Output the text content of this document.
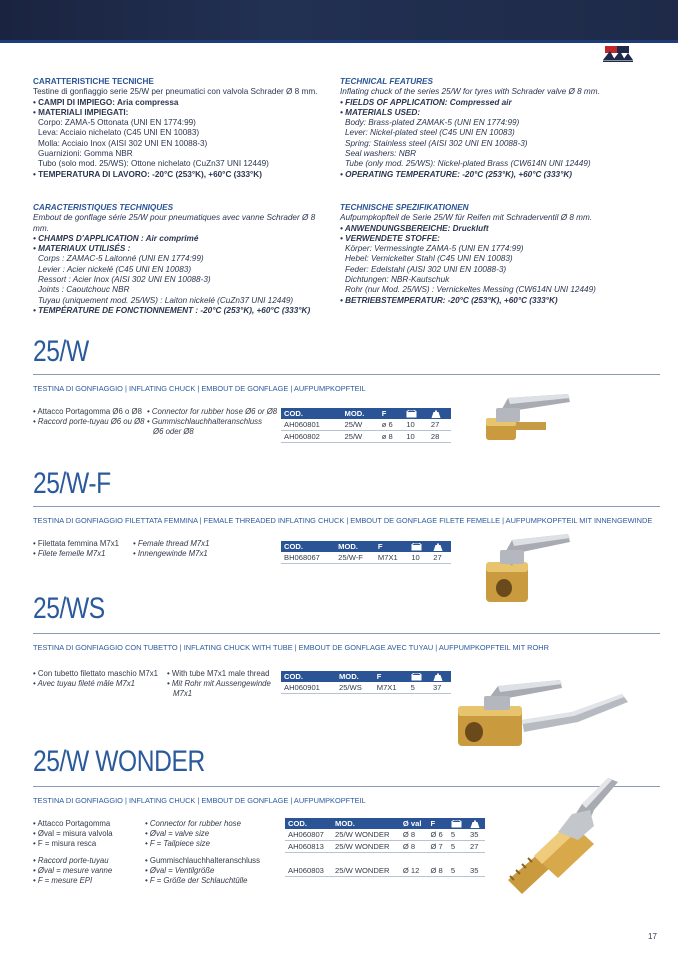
CARATTERISTICHE TECNICHE

Testine di gonfiaggio serie 25/W per pneumatici con valvola Schrader Ø 8 mm.

• CAMPI DI IMPIEGO: Aria compressa

• MATERIALI IMPIEGATI:

Corpo: ZAMA-5 Ottonata (UNI EN 1774:99)

Leva: Acciaio nichelato (C45 UNI EN 10083)

Molla: Acciaio Inox (AISI 302 UNI EN 10088-3)

Guarnizioni: Gomma NBR

Tubo (solo mod. 25/WS): Ottone nichelato (CuZn37 UNI 12449)

• TEMPERATURA DI LAVORO: -20°C (253°K), +60°C (333°K)

TECHNICAL FEATURES

Inflating chuck of the series 25/W for tyres with Schrader valve Ø 8 mm.

• FIELDS OF APPLICATION: Compressed air

• MATERIALS USED:

Body: Brass-plated ZAMAK-5 (UNI EN 1774:99)

Lever: Nickel-plated steel (C45 UNI EN 10083)

Spring: Stainless steel (AISI 302 UNI EN 10088-3)

Seal washers: NBR

Tube (only mod. 25/WS): Nickel-plated Brass (CW614N UNI 12449)

• OPERATING TEMPERATURE: -20°C (253°K), +60°C (333°K)

CARACTERISTIQUES TECHNIQUES

Embout de gonflage série 25/W pour pneumatiques avec vanne Schrader Ø 8 mm.

• CHAMPS D'APPLICATION : Air comprimé

• MATERIAUX UTILISÉS :

Corps : ZAMAC-5 Laitonné (UNI EN 1774:99)

Levier : Acier nickelé (C45 UNI EN 10083)

Ressort : Acier Inox (AISI 302 UNI EN 10088-3)

Joints : Caoutchouc NBR

Tuyau (uniquement mod. 25/WS) : Laiton nickelé (CuZn37 UNI 12449)

• TEMPÉRATURE DE FONCTIONNEMENT : -20°C (253°K), +60°C (333°K)

TECHNISCHE SPEZIFIKATIONEN

Aufpumpkopfteil de Serie 25/W für Reifen mit Schraderventil Ø 8 mm.

• ANWENDUNGSBEREICHE: Druckluft

• VERWENDETE STOFFE:

Körper: Vermessingte ZAMA-5 (UNI EN 1774:99)

Hebel: Vernickelter Stahl (C45 UNI EN 10083)

Feder: Edelstahl (AISI 302 UNI EN 10088-3)

Dichtungen: NBR-Kautschuk

Rohr (nur Mod. 25/WS) : Vernickeltes Messing (CW614N UNI 12449)

• BETRIEBSTEMPERATUR: -20°C (253°K), +60°C (333°K)

25/W
TESTINA DI GONFIAGGIO | INFLATING CHUCK | EMBOUT DE GONFLAGE | AUFPUMPKOPFTEIL
• Attacco Portagomma Ø6 o Ø8
• Raccord porte-tuyau Ø6 ou Ø8
• Connector for rubber hose Ø6 or Ø8
• Gummischlauchhalteranschluss
Ø6 oder Ø8
COD.	MOD.	F		
AH060801	25/W	ø 6	10	27
AH060802	25/W	ø 8	10	28
25/W-F
TESTINA DI GONFIAGGIO FILETTATA FEMMINA | FEMALE THREADED INFLATING CHUCK | EMBOUT DE GONFLAGE FILETE FEMELLE | AUFPUMPKOPFTEIL MIT INNENGEWINDE
• Filettata femmina M7x1
• Filete femelle M7x1
• Female thread M7x1
• Innengewinde M7x1
COD.	MOD.	F		
BH068067	25/W-F	M7X1	10	27
25/WS
TESTINA DI GONFIAGGIO CON TUBETTO | INFLATING CHUCK WITH TUBE | EMBOUT DE GONFLAGE AVEC TUYAU | AUFPUMPKOPFTEIL MIT ROHR
• Con tubetto filettato maschio M7x1
• Avec tuyau fileté mâle M7x1
• With tube M7x1 male thread
• Mit Rohr mit Aussengewinde
M7x1
COD.	MOD.	F		
AH060901	25/WS	M7X1	5	37
25/W WONDER
TESTINA DI GONFIAGGIO | INFLATING CHUCK | EMBOUT DE GONFLAGE | AUFPUMPKOPFTEIL
• Attacco Portagomma
• Øval = misura valvola
• F = misura resca
• Connector for rubber hose
• Øval = valve size
• F = Tailpiece size
• Raccord porte-tuyau
• Øval = mesure vanne
• F = mesure EPI
• Gummischlauchhalteranschluss
• Øval = Ventilgröße
• F = Größe der Schlauchtülle
COD.	MOD.	Ø val	F		
AH060807	25/W WONDER	Ø 8	Ø 6	5	35
AH060813	25/W WONDER	Ø 8	Ø 7	5	27

AH060803	25/W WONDER	Ø 12	Ø 8	5	35
17
